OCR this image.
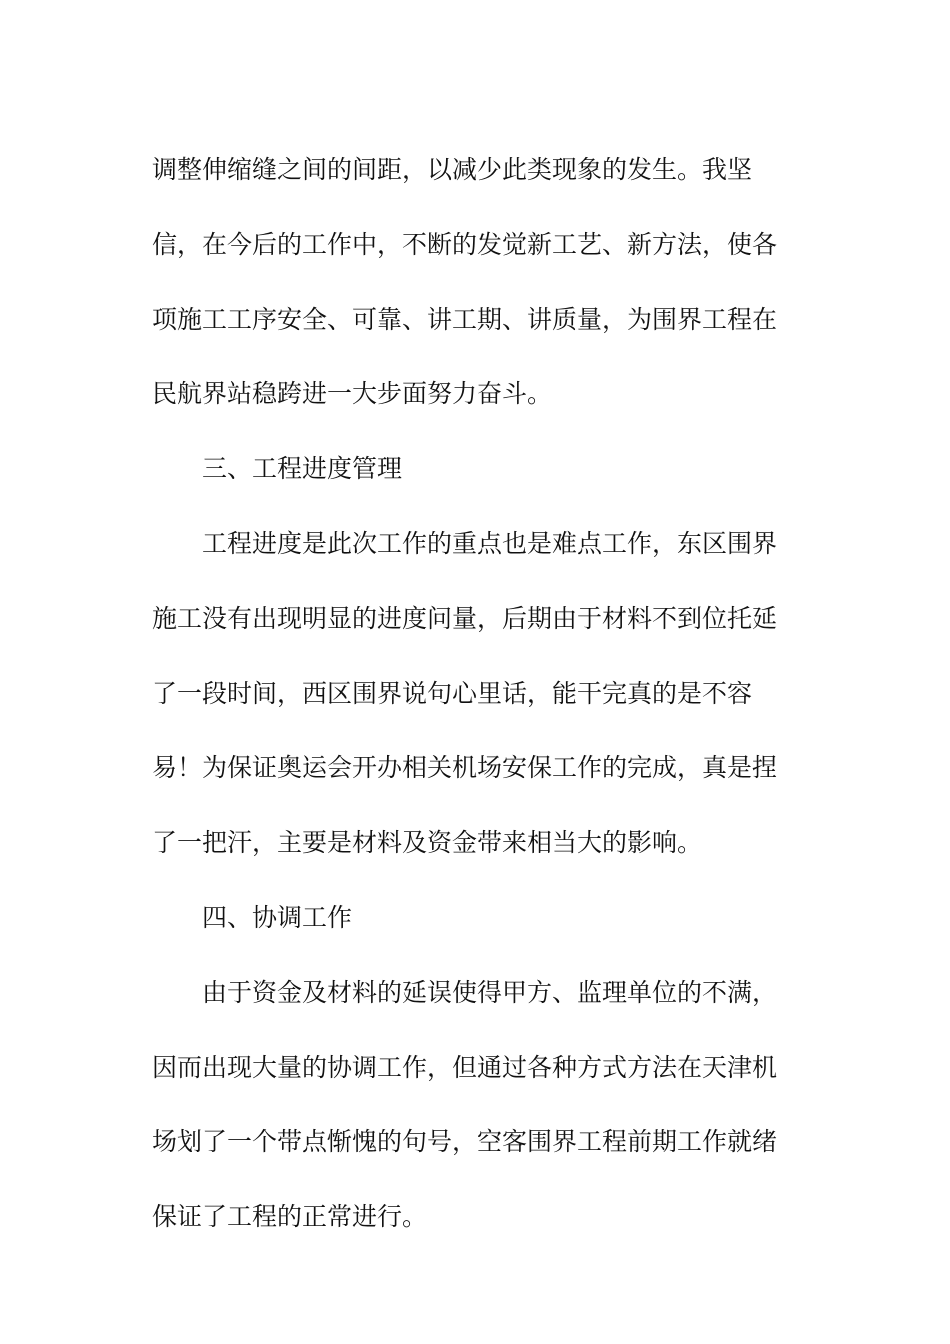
调整伸缩缝之间的间距，以减少此类现象的发生。我坚
信，在今后的工作中，不断的发觉新工艺、新方法，使各
项施工工序安全、可靠、讲工期、讲质量，为围界工程在
民航界站稳跨进一大步面努力奋斗。

三、工程进度管理

工程进度是此次工作的重点也是难点工作，东区围界
施工没有出现明显的进度问量，后期由于材料不到位托延

了一段时间，西区围界说句心里话，能干完真的是不容
易！为保证奥运会开办相关机场安保工作的完成，真是捏
了一把汗，主要是材料及资金带来相当大的影响。

四、协调工作

由于资金及材料的延误使得甲方、监理单位的不满，

因而出现大量的协调工作，但通过各种方式方法在天津机
场划了一个带点惭愧的句号，空客围界工程前期工作就绪
保证了工程的正常进行。
